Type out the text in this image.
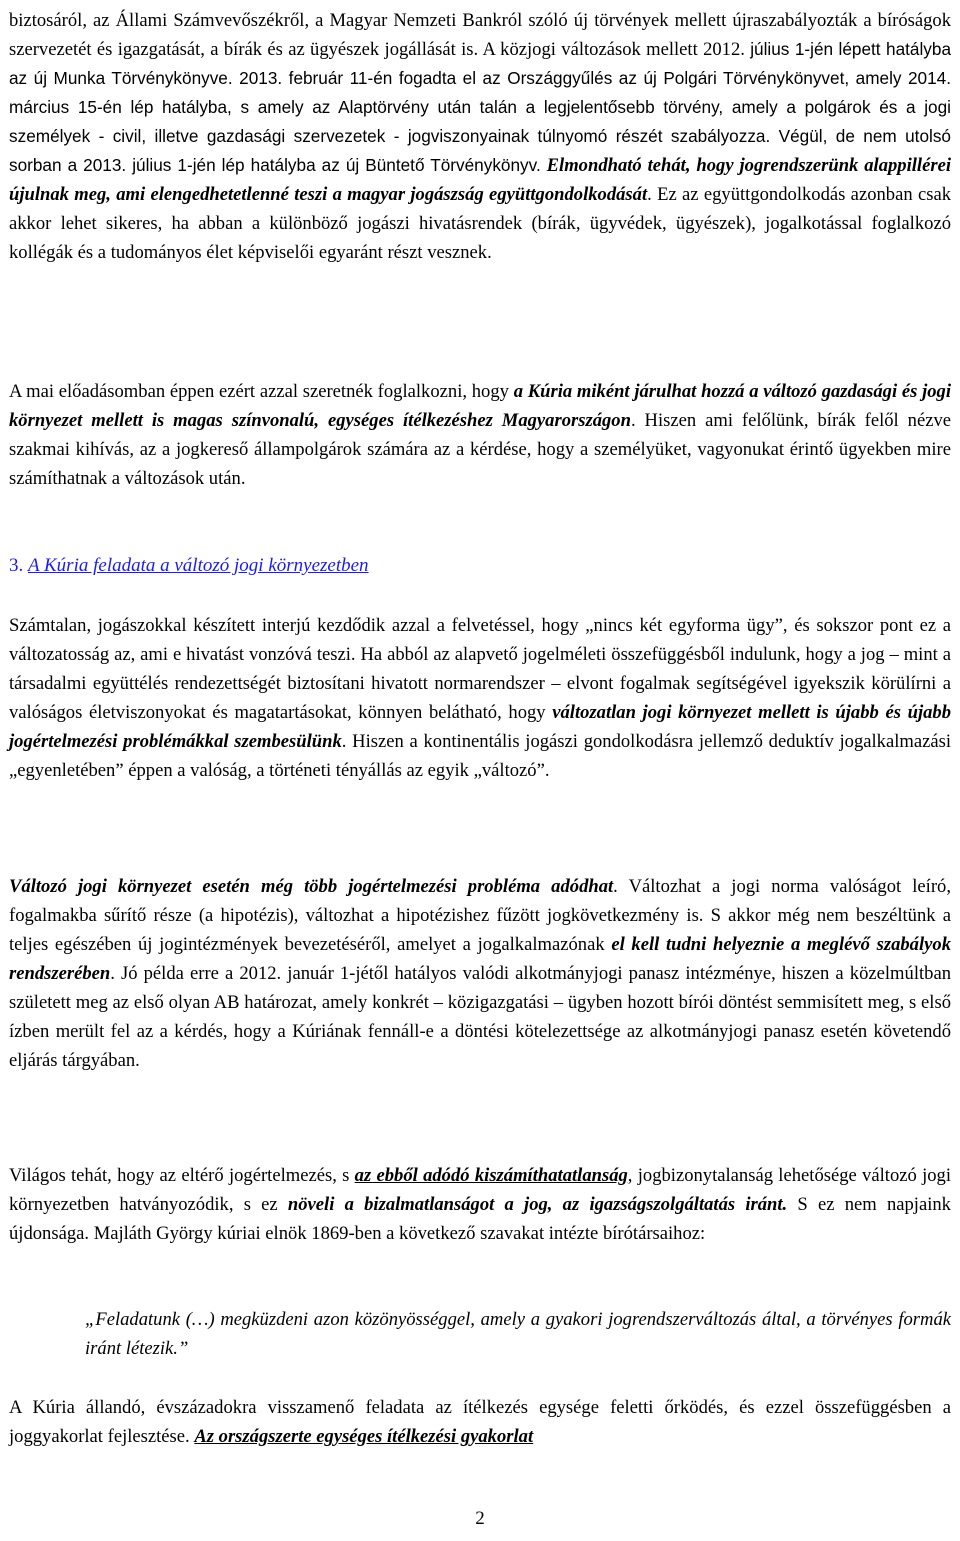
biztosáról, az Állami Számvevőszékről, a Magyar Nemzeti Bankról szóló új törvények mellett újraszabályozták a bíróságok szervezetét és igazgatását, a bírák és az ügyészek jogállását is. A közjogi változások mellett 2012. július 1-jén lépett hatályba az új Munka Törvénykönyve. 2013. február 11-én fogadta el az Országgyűlés az új Polgári Törvénykönyvet, amely 2014. március 15-én lép hatályba, s amely az Alaptörvény után talán a legjelentősebb törvény, amely a polgárok és a jogi személyek - civil, illetve gazdasági szervezetek - jogviszonyainak túlnyomó részét szabályozza. Végül, de nem utolsó sorban a 2013. július 1-jén lép hatályba az új Büntető Törvénykönyv. Elmondható tehát, hogy jogrendszerünk alappillérei újulnak meg, ami elengedhetetlenné teszi a magyar jogászság együttgondolkodását. Ez az együttgondolkodás azonban csak akkor lehet sikeres, ha abban a különböző jogászi hivatásrendek (bírák, ügyvédek, ügyészek), jogalkotással foglalkozó kollégák és a tudományos élet képviselői egyaránt részt vesznek.

A mai előadásomban éppen ezért azzal szeretnék foglalkozni, hogy a Kúria miként járulhat hozzá a változó gazdasági és jogi környezet mellett is magas színvonalú, egységes ítélkezéshez Magyarországon. Hiszen ami felőlünk, bírák felől nézve szakmai kihívás, az a jogkereső állampolgárok számára az a kérdése, hogy a személyüket, vagyonukat érintő ügyekben mire számíthatnak a változások után.

3. A Kúria feladata a változó jogi környezetben

Számtalan, jogászokkal készített interjú kezdődik azzal a felvetéssel, hogy „nincs két egyforma ügy”, és sokszor pont ez a változatosság az, ami e hivatást vonzóvá teszi. Ha abból az alapvető jogelméleti összefüggésből indulunk, hogy a jog – mint a társadalmi együttélés rendezettségét biztosítani hivatott normarendszer – elvont fogalmak segítségével igyekszik körülírni a valóságos életviszonyokat és magatartásokat, könnyen belátható, hogy változatlan jogi környezet mellett is újabb és újabb jogértelmezési problémákkal szembesülünk. Hiszen a kontinentális jogászi gondolkodásra jellemző deduktív jogalkalmazási „egyenletében” éppen a valóság, a történeti tényállás az egyik „változó”.

Változó jogi környezet esetén még több jogértelmezési probléma adódhat. Változhat a jogi norma valóságot leíró, fogalmakba sűrítő része (a hipotézis), változhat a hipotézishez fűzött jogkövetkezmény is. S akkor még nem beszéltünk a teljes egészében új jogintézmények bevezetéséről, amelyet a jogalkalmazónak el kell tudni helyeznie a meglévő szabályok rendszerében. Jó példa erre a 2012. január 1-jétől hatályos valódi alkotmányjogi panasz intézménye, hiszen a közelmúltban született meg az első olyan AB határozat, amely konkrét – közigazgatási – ügyben hozott bírói döntést semmisített meg, s első ízben merült fel az a kérdés, hogy a Kúriának fennáll-e a döntési kötelezettsége az alkotmányjogi panasz esetén követendő eljárás tárgyában.

Világos tehát, hogy az eltérő jogértelmezés, s az ebből adódó kiszámíthatatlanság, jogbizonytalanság lehetősége változó jogi környezetben hatványozódik, s ez növeli a bizalmatlanságot a jog, az igazságszolgáltatás iránt. S ez nem napjaink újdonsága. Majláth György kúriai elnök 1869-ben a következő szavakat intézte bírótársaihoz:

„Feladatunk (…) megküzdeni azon közönyösséggel, amely a gyakori jogrendszerváltozás által, a törvényes formák iránt létezik.”

A Kúria állandó, évszázadokra visszamenő feladata az ítélkezés egysége feletti őrködés, és ezzel összefüggésben a joggyakorlat fejlesztése. Az országszerte egységes ítélkezési gyakorlat

2
